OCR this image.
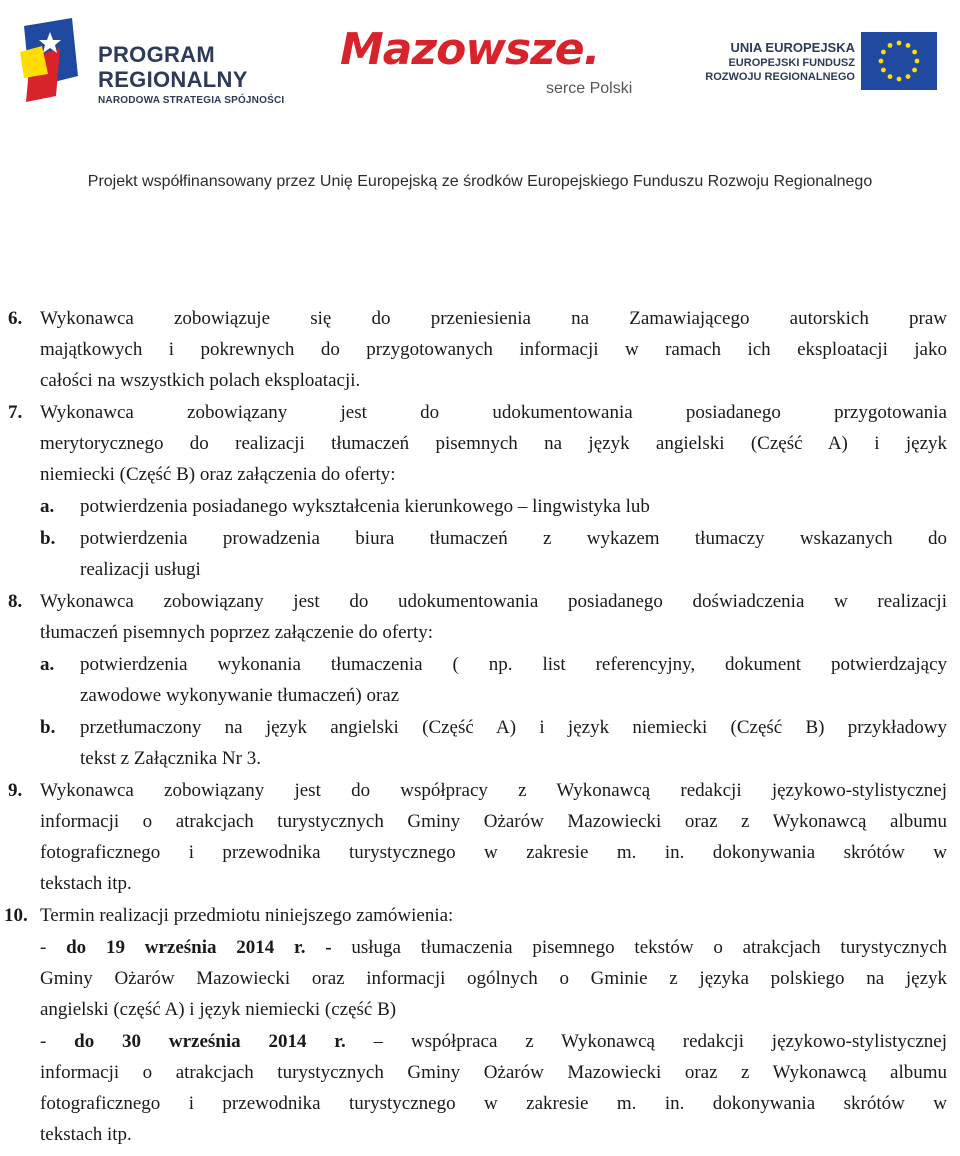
PROGRAM
REGIONALNY
NARODOWA STRATEGIA SPÓJNOŚCI
Mazowsze.
serce Polski
UNIA EUROPEJSKA
EUROPEJSKI FUNDUSZ
ROZWOJU REGIONALNEGO
Projekt współfinansowany przez Unię Europejską ze środków Europejskiego Funduszu Rozwoju Regionalnego
6. Wykonawca zobowiązuje się do przeniesienia na Zamawiającego autorskich praw
majątkowych i pokrewnych do przygotowanych informacji w ramach ich eksploatacji jako
całości na wszystkich polach eksploatacji.
7. Wykonawca zobowiązany jest do udokumentowania posiadanego przygotowania
merytorycznego do realizacji tłumaczeń pisemnych na język angielski (Część A) i język
niemiecki (Część B) oraz załączenia do oferty:
a. potwierdzenia posiadanego wykształcenia kierunkowego – lingwistyka lub
b. potwierdzenia prowadzenia biura tłumaczeń z wykazem tłumaczy wskazanych do
realizacji usługi
8. Wykonawca zobowiązany jest do udokumentowania posiadanego doświadczenia w realizacji
tłumaczeń pisemnych poprzez załączenie do oferty:
a. potwierdzenia wykonania tłumaczenia ( np. list referencyjny, dokument potwierdzający
zawodowe wykonywanie tłumaczeń) oraz
b. przetłumaczony na język angielski (Część A) i język niemiecki (Część B) przykładowy
tekst z Załącznika Nr 3.
9. Wykonawca zobowiązany jest do współpracy z Wykonawcą redakcji językowo-stylistycznej
informacji o atrakcjach turystycznych Gminy Ożarów Mazowiecki oraz z Wykonawcą albumu
fotograficznego i przewodnika turystycznego w zakresie m. in. dokonywania skrótów w
tekstach itp.
10. Termin realizacji przedmiotu niniejszego zamówienia:
- do 19 września 2014 r. - usługa tłumaczenia pisemnego tekstów o atrakcjach turystycznych
Gminy Ożarów Mazowiecki oraz informacji ogólnych o Gminie z języka polskiego na język
angielski (część A) i język niemiecki (część B)
- do 30 września 2014 r. – współpraca z Wykonawcą redakcji językowo-stylistycznej
informacji o atrakcjach turystycznych Gminy Ożarów Mazowiecki oraz z Wykonawcą albumu
fotograficznego i przewodnika turystycznego w zakresie m. in. dokonywania skrótów w
tekstach itp.
